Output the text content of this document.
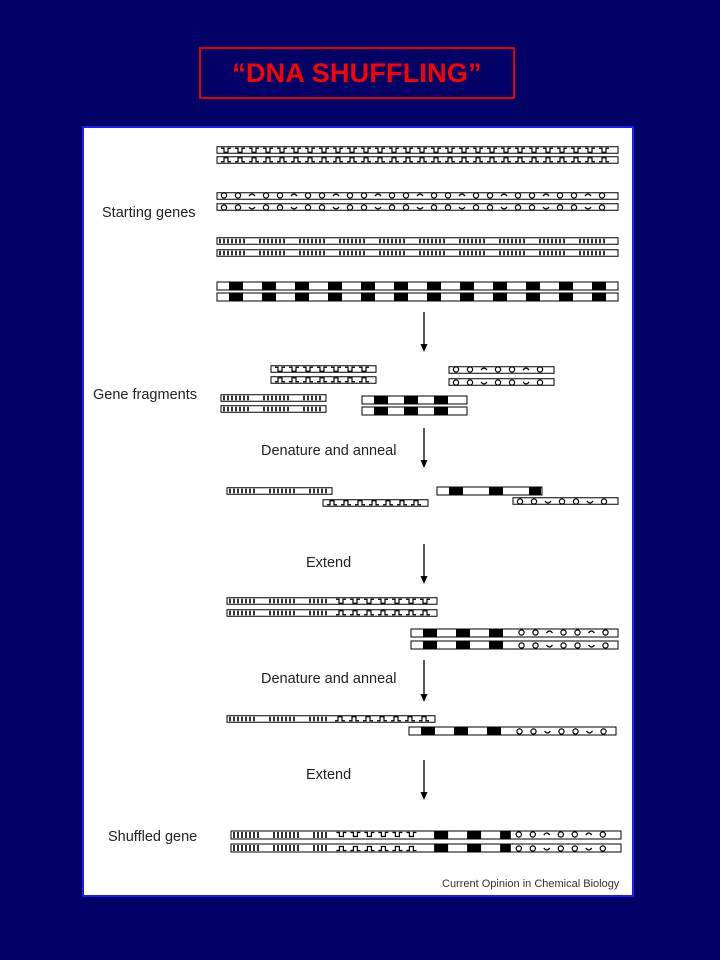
“DNA SHUFFLING”
Starting genes
Gene fragments
Denature and anneal
Extend
Denature and anneal
Extend
Shuffled gene
Current Opinion in Chemical Biology
